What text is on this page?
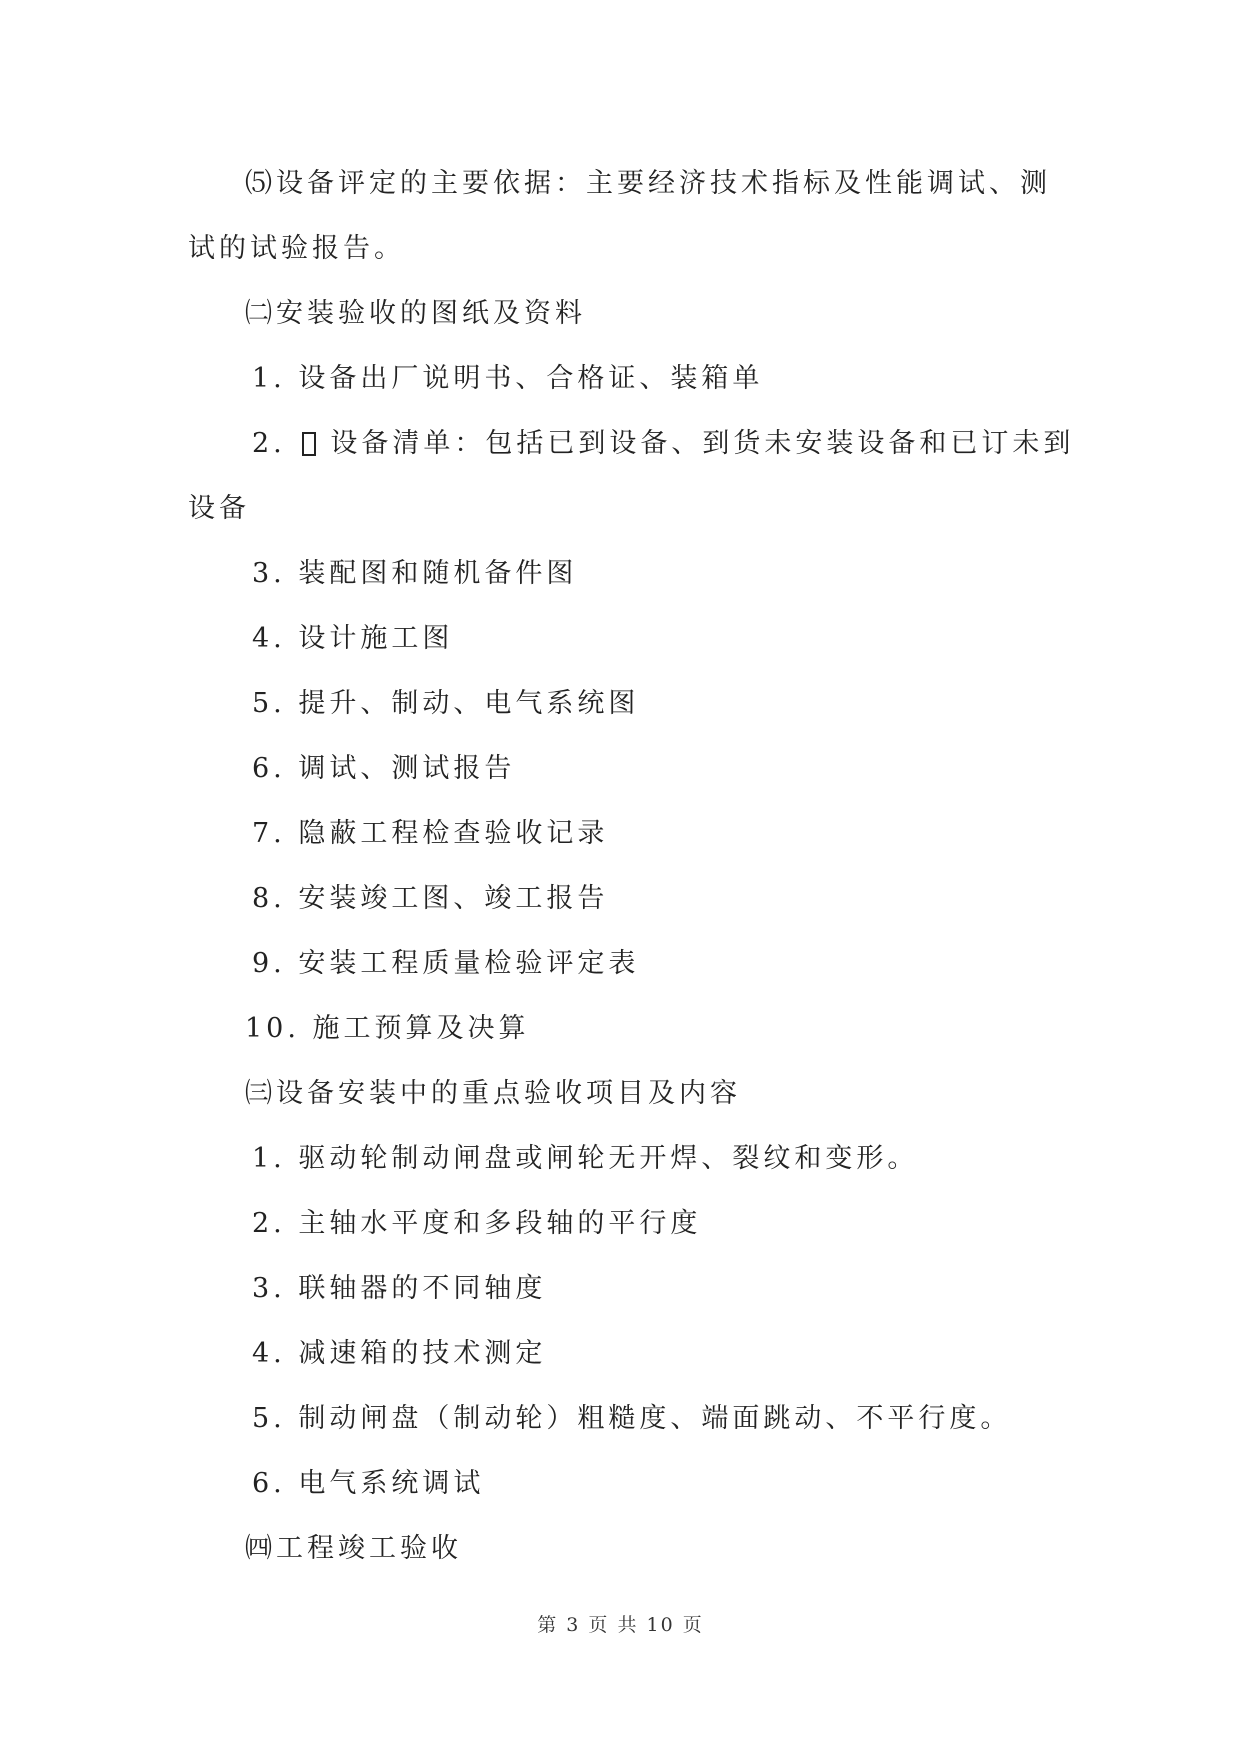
⑸设备评定的主要依据：主要经济技术指标及性能调试、测
试的试验报告。
㈡安装验收的图纸及资料
1. 设备出厂说明书、合格证、装箱单
2. 设备清单：包括已到设备、到货未安装设备和已订未到
设备
3. 装配图和随机备件图
4. 设计施工图
5. 提升、制动、电气系统图
6. 调试、测试报告
7. 隐蔽工程检查验收记录
8. 安装竣工图、竣工报告
9. 安装工程质量检验评定表
10. 施工预算及决算
㈢设备安装中的重点验收项目及内容
1. 驱动轮制动闸盘或闸轮无开焊、裂纹和变形。
2. 主轴水平度和多段轴的平行度
3. 联轴器的不同轴度
4. 减速箱的技术测定
5. 制动闸盘（制动轮）粗糙度、端面跳动、不平行度。
6. 电气系统调试
㈣工程竣工验收
第 3 页 共 10 页
